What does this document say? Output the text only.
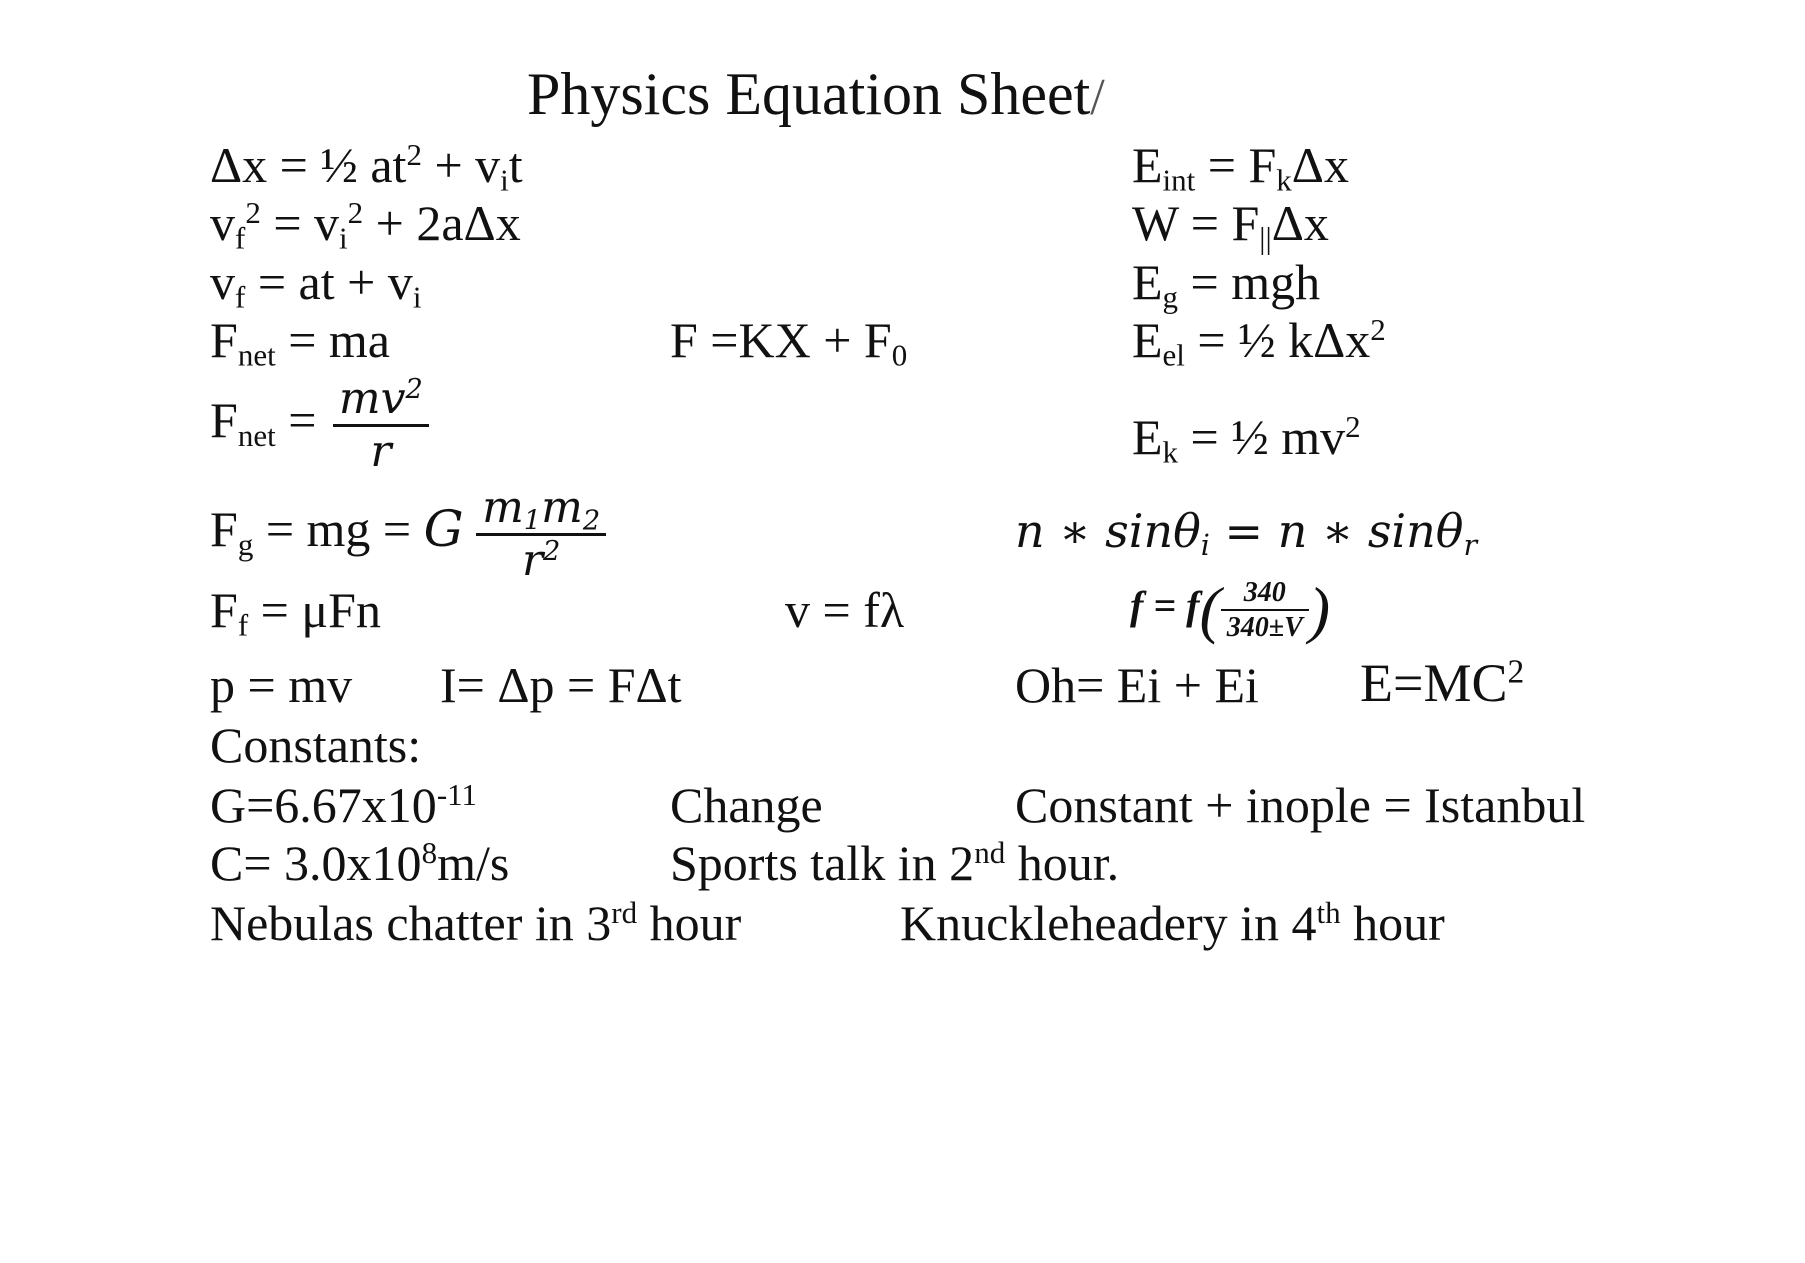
Physics Equation Sheet/
Δx = ½ $at^2 + v_it$
$v_f^2 = v_i^2 + 2a\Delta x$
$v_f$ = at + $v_i$
$F_{net}$ = ma
$F_{net} = \frac{mv^2}{r}$
$F_g$ = mg = G $\frac{m_1m_2}{r^2}$
$F_f = \mu Fn$
p = mv I= Δp = FΔt
$F =KX + F_0$
v = fλ
$E_{int} = F_k\Delta x$
$W = F_{||}\Delta x$
$E_g$ = mgh
$E_{el}$ = ½ kΔx$^2$
$E_k$ = ½ $mv^2$
n ∗ sinθ$_i$ = n ∗ sinθ$_r$
$f = f( \frac{340}{340\pm V}$ )
Oh= Ei + Ei $E=MC^2$
Constants:
$G=6.67x10^{-11}$	Change	Constant + inople = Istanbul
$C= 3.0x10^8m/s$	Sports talk in 2nd hour.
Nebulas chatter in 3rd hour	Knuckleheadery in 4th hour
